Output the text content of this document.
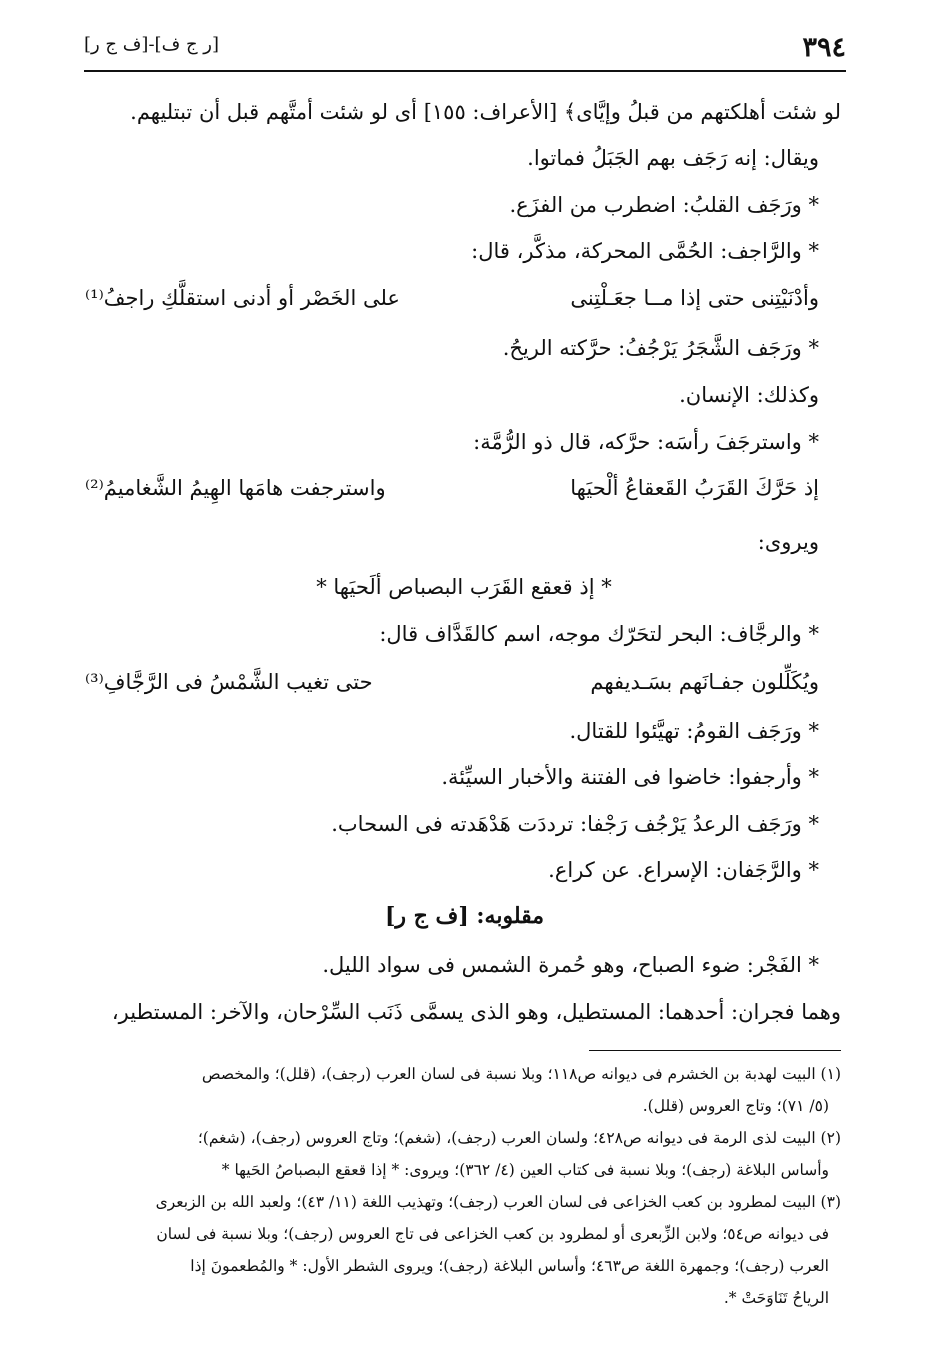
٣٩٤
[ر ج ف]-[ف ج ر]
لو شئت أهلكتهم من قبلُ وإيَّاى﴾ [الأعراف: ١٥٥] أى لو شئت أمتَّهم قبل أن تبتليهم.
ويقال: إنه رَجَف بهم الجَبَلُ فماتوا.
* ورَجَف القلبُ: اضطرب من الفزَع.
* والرَّاجف: الحُمَّى المحركة، مذكَّر، قال:
وأدْنَيْتِنى حتى إذا مــا جعَـلْتِنى
على الخَصْر أو أدنى استقلَّكِ راجفُ⁽¹⁾
* ورَجَف الشَّجَرُ يَرْجُفُ: حرَّكته الريحُ.
وكذلك: الإنسان.
* واسترجَفَ رأسَه: حرَّكه، قال ذو الرُّمَّة:
إذ حَرَّكَ القَرَبُ القَعقاعُ ألْحيَها
واسترجفت هامَها الهِيمُ الشَّغاميمُ⁽²⁾
ويروى:
* إذ قعقع القَرَب البصباص ألَحيَها *
* والرجَّاف: البحر لتحَرّك موجه، اسم كالقَدَّاف قال:
ويُكَلِّلون جفـانَهم بسَـديفهم
حتى تغيب الشَّمْسُ فى الرَّجَّافِ⁽³⁾
* ورَجَف القومُ: تهيَّئوا للقتال.
* وأرجفوا: خاضوا فى الفتنة والأخبار السيِّئة.
* ورَجَف الرعدُ يَرْجُف رَجْفا: ترددَت هَدْهَدته فى السحاب.
* والرَّجَفان: الإسراع. عن كراع.
مقلوبه: [ف ج ر]
* الفَجْر: ضوء الصباح، وهو حُمرة الشمس فى سواد الليل.
وهما فجران: أحدهما: المستطيل، وهو الذى يسمَّى ذَنَب السِّرْحان، والآخر: المستطير،
(١) البيت لهدبة بن الخشرم فى ديوانه ص١١٨؛ وبلا نسبة فى لسان العرب (رجف)، (قلل)؛ والمخصص
(٥/ ٧١)؛ وتاج العروس (قلل).
(٢) البيت لذى الرمة فى ديوانه ص٤٢٨؛ ولسان العرب (رجف)، (شغم)؛ وتاج العروس (رجف)، (شغم)؛
وأساس البلاغة (رجف)؛ وبلا نسبة فى كتاب العين (٤/ ٣٦٢)؛ ويروى: * إذا قعقع البصباصُ الحَيها *
(٣) البيت لمطرود بن كعب الخزاعى فى لسان العرب (رجف)؛ وتهذيب اللغة (١١/ ٤٣)؛ ولعبد الله بن الزبعرى
فى ديوانه ص٥٤؛ ولابن الزِّبعرى أو لمطرود بن كعب الخزاعى فى تاج العروس (رجف)؛ وبلا نسبة فى لسان
العرب (رجف)؛ وجمهرة اللغة ص٤٦٣؛ وأساس البلاغة (رجف)؛ ويروى الشطر الأول: * والمُطعمونَ إذا
الرياحُ تَنَاوَحَتْ *.
